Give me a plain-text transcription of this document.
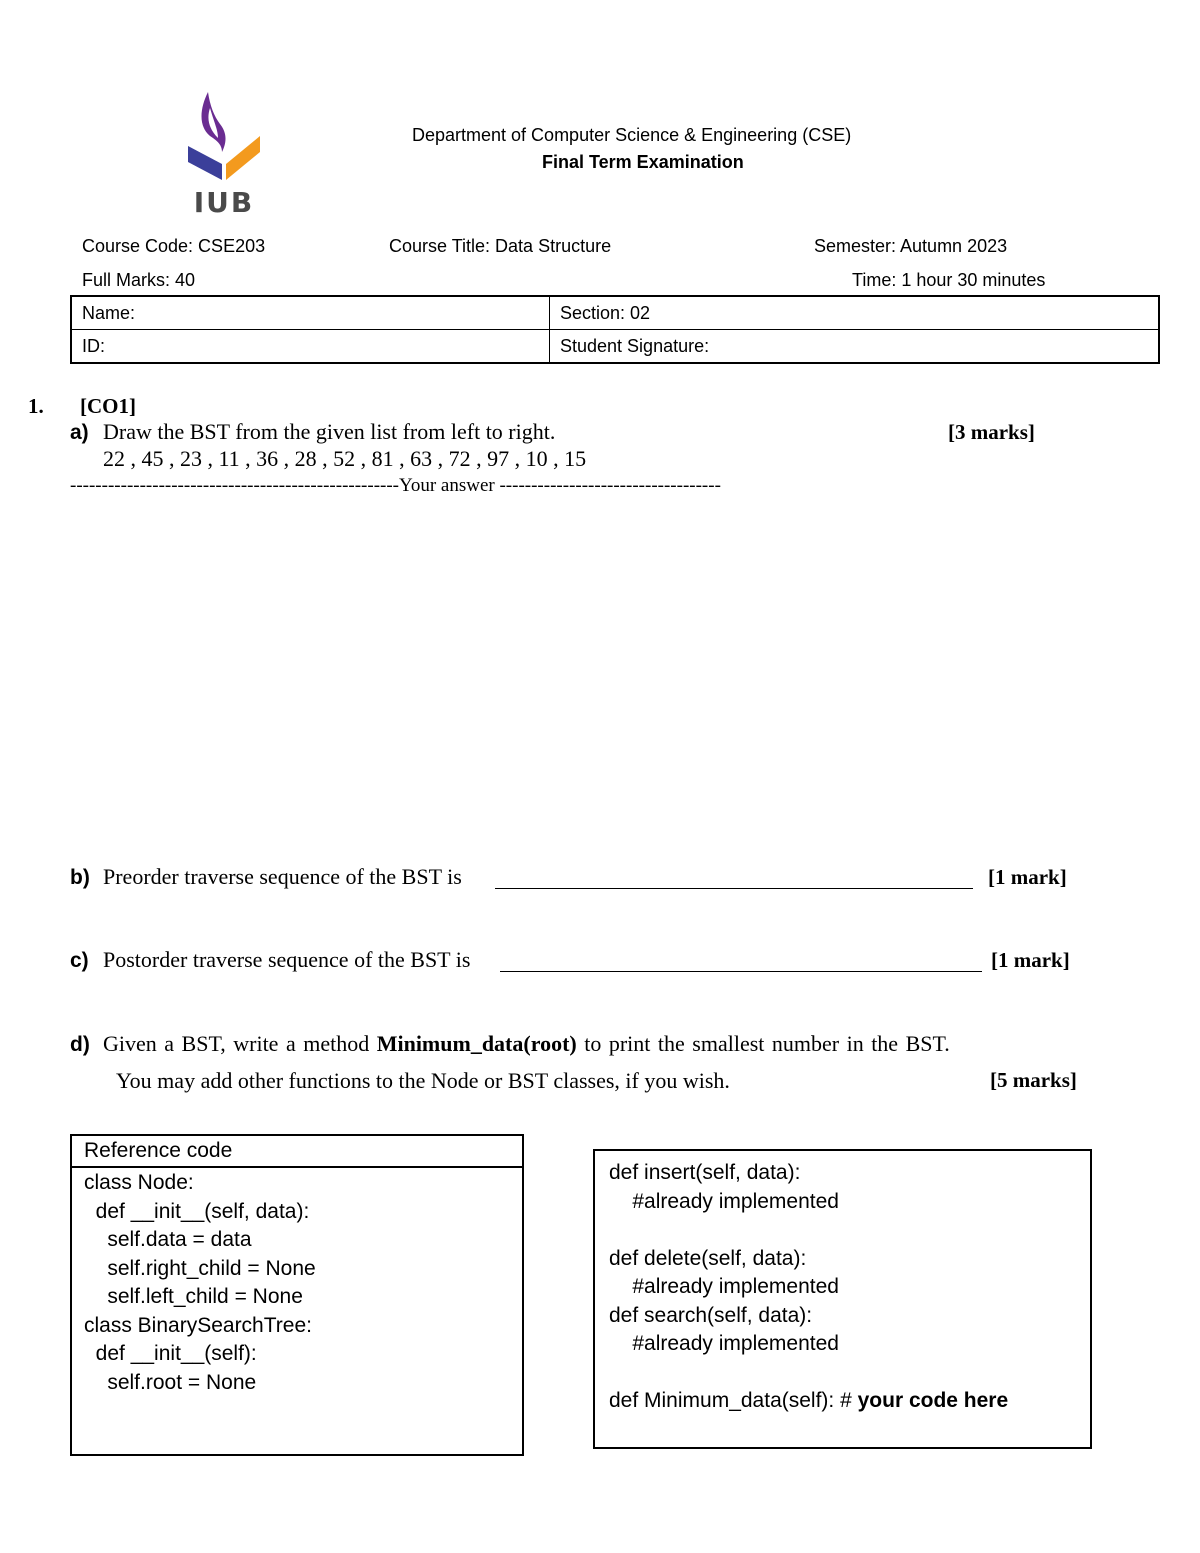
IUB
Department of Computer Science & Engineering (CSE)
Final Term Examination
Course Code: CSE203	Course Title: Data Structure	Semester: Autumn 2023
Full Marks: 40	Time: 1 hour 30 minutes
Name:	Section: 02
ID:	Student Signature:
1. [CO1]
a) Draw the BST from the given list from left to right.	[3 marks]
22 , 45 , 23 , 11 , 36 , 28 , 52 , 81 , 63 , 72 , 97 , 10 , 15
----------------------------------------------------Your answer -----------------------------------
b) Preorder traverse sequence of the BST is	[1 mark]
c) Postorder traverse sequence of the BST is	[1 mark]
d) Given a BST, write a method Minimum_data(root) to print the smallest number in the BST.
You may add other functions to the Node or BST classes, if you wish.	[5 marks]
Reference code
class Node:
def __init__(self, data):
self.data = data
self.right_child = None
self.left_child = None
class BinarySearchTree:
def __init__(self):
self.root = None
def insert(self, data):
#already implemented
def delete(self, data):
#already implemented
def search(self, data):
#already implemented
def Minimum_data(self): # your code here
